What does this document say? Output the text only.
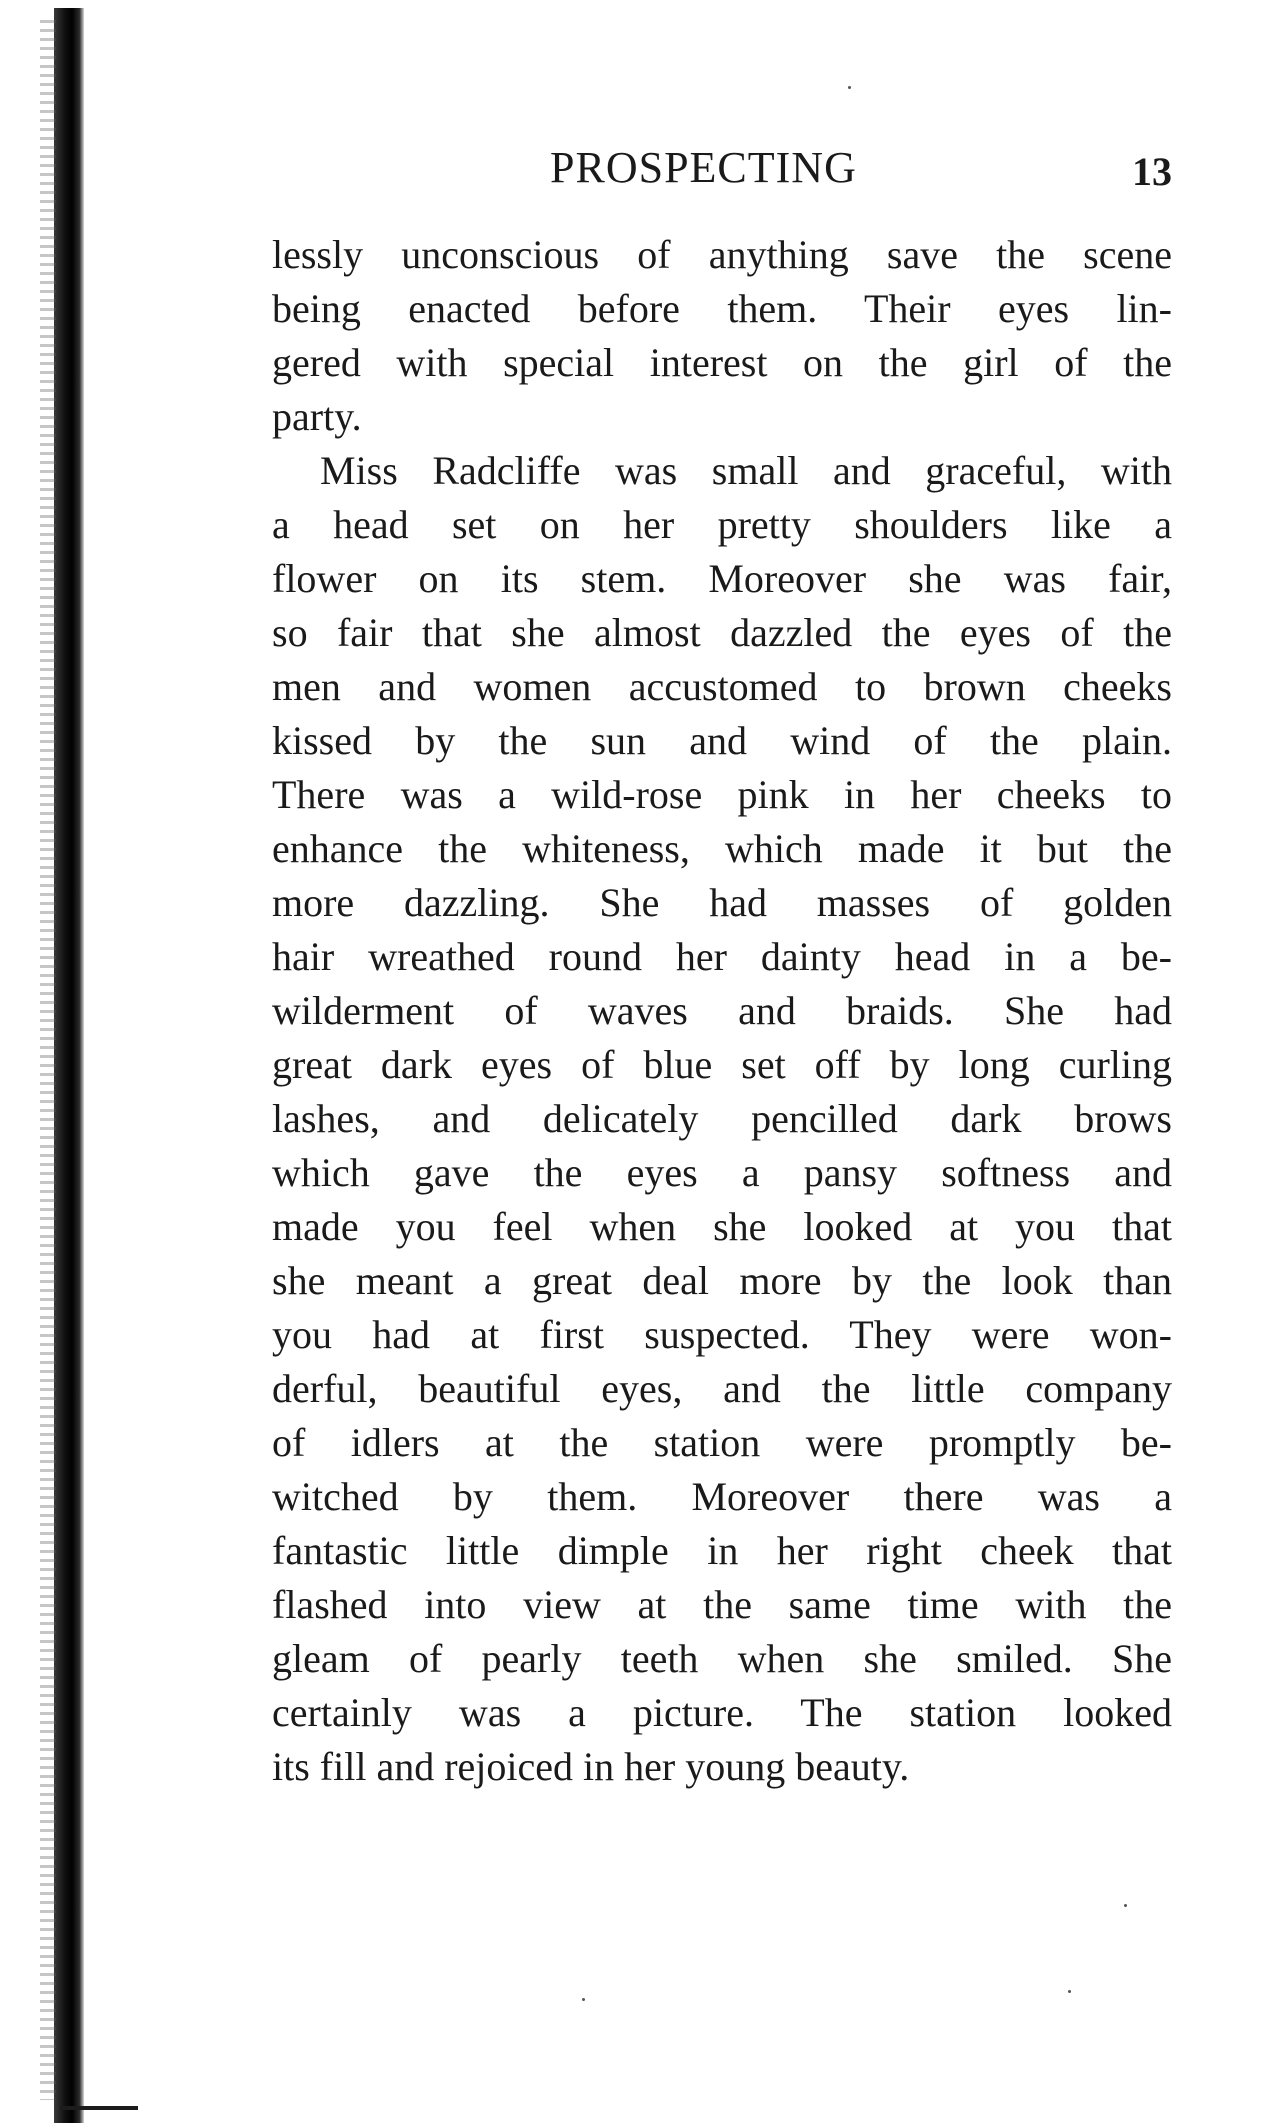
PROSPECTING	13
lessly unconscious of anything save the scene
being enacted before them. Their eyes lin-
gered with special interest on the girl of the
party.
Miss Radcliffe was small and graceful, with
a head set on her pretty shoulders like a
flower on its stem. Moreover she was fair,
so fair that she almost dazzled the eyes of the
men and women accustomed to brown cheeks
kissed by the sun and wind of the plain.
There was a wild-rose pink in her cheeks to
enhance the whiteness, which made it but the
more dazzling. She had masses of golden
hair wreathed round her dainty head in a be-
wilderment of waves and braids. She had
great dark eyes of blue set off by long curling
lashes, and delicately pencilled dark brows
which gave the eyes a pansy softness and
made you feel when she looked at you that
she meant a great deal more by the look than
you had at first suspected. They were won-
derful, beautiful eyes, and the little company
of idlers at the station were promptly be-
witched by them. Moreover there was a
fantastic little dimple in her right cheek that
flashed into view at the same time with the
gleam of pearly teeth when she smiled. She
certainly was a picture. The station looked
its fill and rejoiced in her young beauty.
